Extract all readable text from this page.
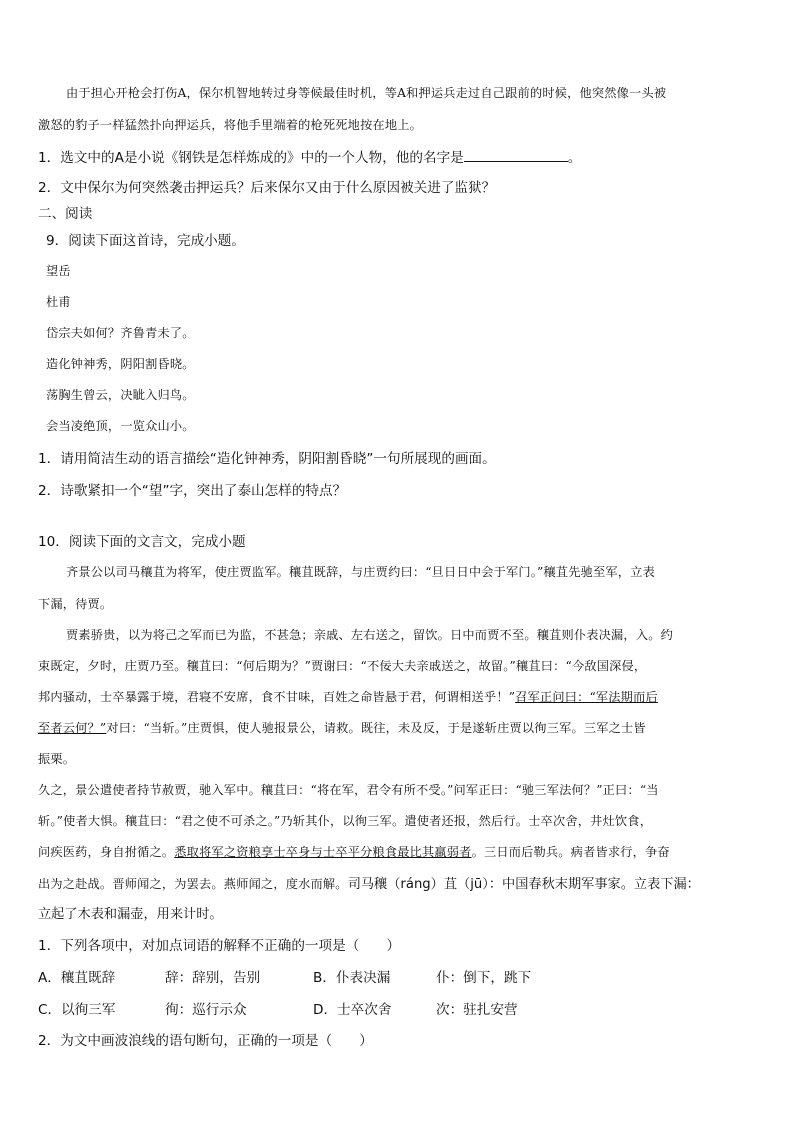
由于担心开枪会打伤A，保尔机智地转过身等候最佳时机，等A和押运兵走过自己跟前的时候，他突然像一头被
激怒的豹子一样猛然扑向押运兵，将他手里端着的枪死死地按在地上。
1．选文中的A是小说《钢铁是怎样炼成的》中的一个人物，他的名字是	。
2．文中保尔为何突然袭击押运兵？后来保尔又由于什么原因被关进了监狱？
二、阅读
9．阅读下面这首诗，完成小题。
望岳
杜甫
岱宗夫如何？齐鲁青未了。
造化钟神秀，阴阳割昏晓。
荡胸生曾云，决眦入归鸟。
会当凌绝顶，一览众山小。
1．请用简洁生动的语言描绘“造化钟神秀，阴阳割昏晓”一句所展现的画面。
2．诗歌紧扣一个“望”字，突出了泰山怎样的特点？
10．阅读下面的文言文，完成小题
齐景公以司马穰苴为将军，使庄贾监军。穰苴既辞，与庄贾约曰：“旦日日中会于军门。”穰苴先驰至军，立表
下漏，待贾。
贾素骄贵，以为将己之军而已为监，不甚急；亲戚、左右送之，留饮。日中而贾不至。穰苴则仆表决漏，入。约
束既定，夕时，庄贾乃至。穰苴曰：“何后期为？”贾谢曰：“不佞大夫亲戚送之，故留。”穰苴曰：“今敌国深侵，
邦内骚动，士卒暴露于境，君寝不安席，食不甘味，百姓之命皆悬于君，何谓相送乎！”召军正问曰：“军法期而后
至者云何？”对曰：“当斩。”庄贾惧，使人驰报景公，请救。既往，未及反，于是遂斩庄贾以徇三军。三军之士皆
振栗。
久之，景公遣使者持节赦贾，驰入军中。穰苴曰：“将在军，君令有所不受。”问军正曰：“驰三军法何？”正曰：“当
斩。”使者大惧。穰苴曰：“君之使不可杀之。”乃斩其仆，以徇三军。遣使者还报，然后行。士卒次舍，井灶饮食，
问疾医药，身自拊循之。悉取将军之资粮享士卒身与士卒平分粮食最比其羸弱者。三日而后勒兵。病者皆求行，争奋
出为之赴战。晋师闻之，为罢去。燕师闻之，度水而解。司马穰（ráng）苴（jū）：中国春秋末期军事家。立表下漏：
立起了木表和漏壶，用来计时。
1．下列各项中，对加点词语的解释不正确的一项是（　　）
A．穰苴既辞	辞：辞别，告别	B．仆表决漏	仆：倒下，跳下
C．以徇三军	徇：巡行示众	D．士卒次舍	次：驻扎安营
2．为文中画波浪线的语句断句，正确的一项是（　　）
